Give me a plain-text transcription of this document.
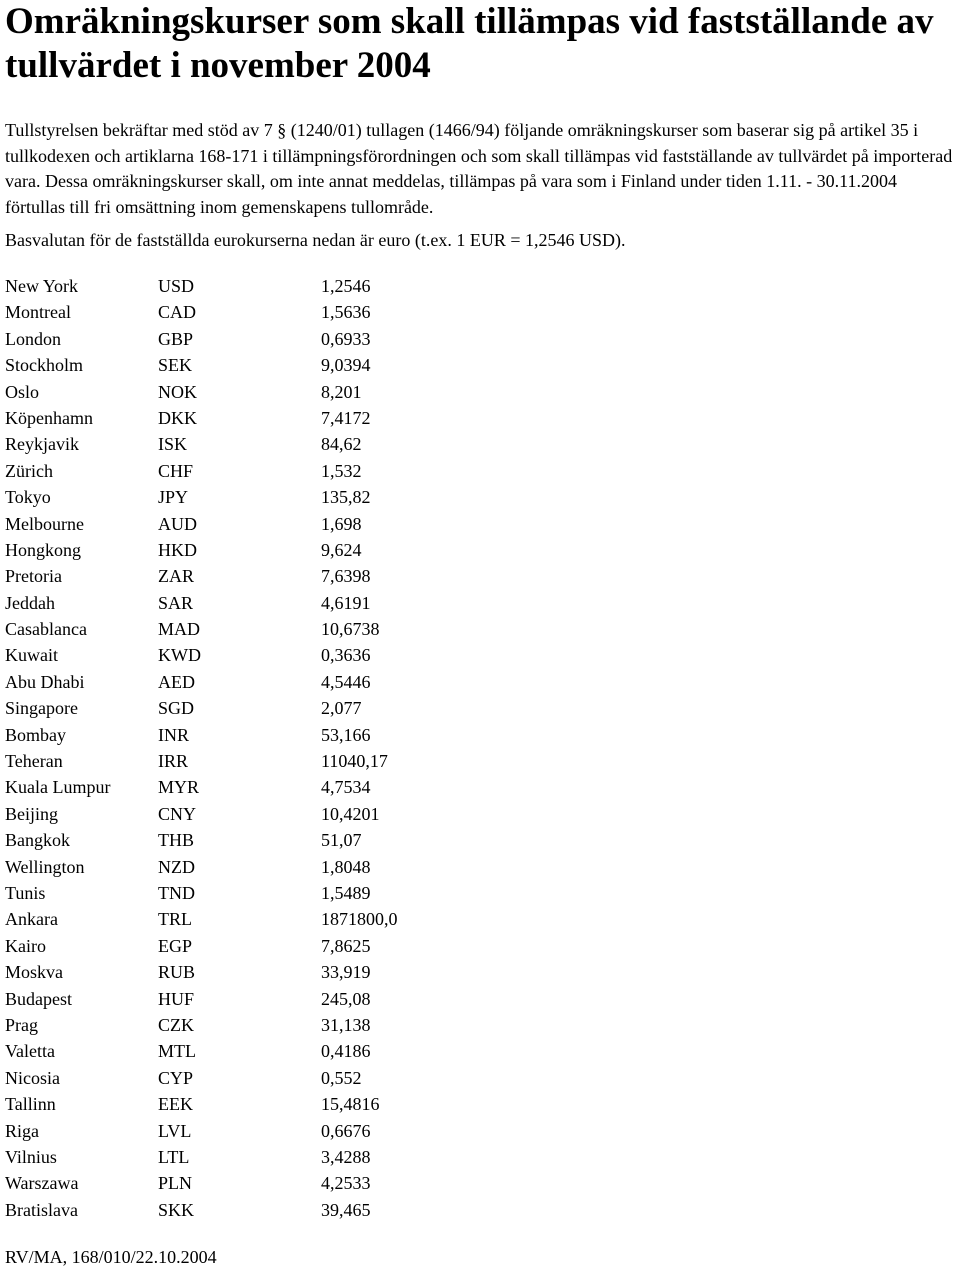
Omräkningskurser som skall tillämpas vid fastställande av tullvärdet i november 2004

Tullstyrelsen bekräftar med stöd av 7 § (1240/01) tullagen (1466/94) följande omräkningskurser som baserar sig på artikel 35 i tullkodexen och artiklarna 168-171 i tillämpningsförordningen och som skall tillämpas vid fastställande av tullvärdet på importerad vara. Dessa omräkningskurser skall, om inte annat meddelas, tillämpas på vara som i Finland under tiden 1.11. - 30.11.2004 förtullas till fri omsättning inom gemenskapens tullområde.

Basvalutan för de fastställda eurokurserna nedan är euro (t.ex. 1 EUR = 1,2546 USD).

New York	USD	1,2546
Montreal	CAD	1,5636
London	GBP	0,6933
Stockholm	SEK	9,0394
Oslo	NOK	8,201
Köpenhamn	DKK	7,4172
Reykjavik	ISK	84,62
Zürich	CHF	1,532
Tokyo	JPY	135,82
Melbourne	AUD	1,698
Hongkong	HKD	9,624
Pretoria	ZAR	7,6398
Jeddah	SAR	4,6191
Casablanca	MAD	10,6738
Kuwait	KWD	0,3636
Abu Dhabi	AED	4,5446
Singapore	SGD	2,077
Bombay	INR	53,166
Teheran	IRR	11040,17
Kuala Lumpur	MYR	4,7534
Beijing	CNY	10,4201
Bangkok	THB	51,07
Wellington	NZD	1,8048
Tunis	TND	1,5489
Ankara	TRL	1871800,0
Kairo	EGP	7,8625
Moskva	RUB	33,919
Budapest	HUF	245,08
Prag	CZK	31,138
Valetta	MTL	0,4186
Nicosia	CYP	0,552
Tallinn	EEK	15,4816
Riga	LVL	0,6676
Vilnius	LTL	3,4288
Warszawa	PLN	4,2533
Bratislava	SKK	39,465
RV/MA, 168/010/22.10.2004
